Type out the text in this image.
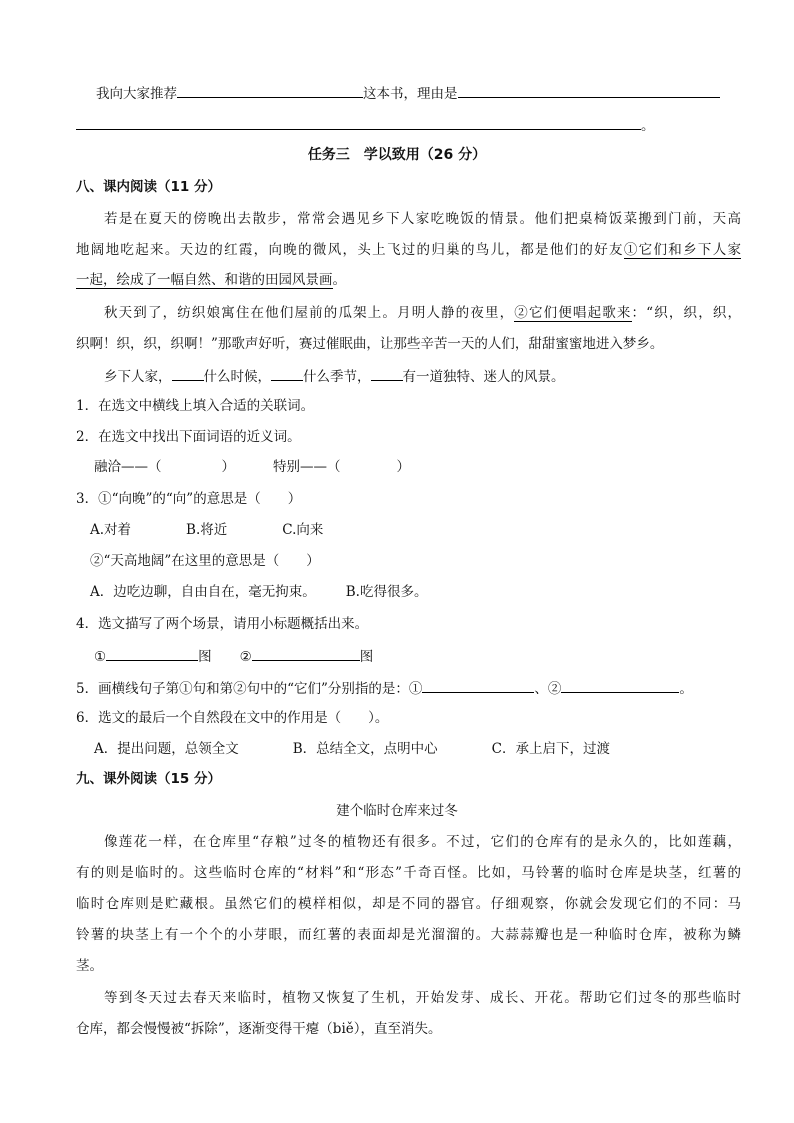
我向大家推荐	这本书，理由是
。
任务三　学以致用（26 分）
八、课内阅读（11 分）
若是在夏天的傍晚出去散步，常常会遇见乡下人家吃晚饭的情景。他们把桌椅饭菜搬到门前，天高
地阔地吃起来。天边的红霞，向晚的微风，头上飞过的归巢的鸟儿，都是他们的好友①它们和乡下人家
一起，绘成了一幅自然、和谐的田园风景画。
秋天到了，纺织娘寓住在他们屋前的瓜架上。月明人静的夜里，②它们便唱起歌来：“织，织，织，
织啊！织，织，织啊！”那歌声好听，赛过催眠曲，让那些辛苦一天的人们，甜甜蜜蜜地进入梦乡。
乡下人家， 什么时候， 什么季节， 有一道独特、迷人的风景。
1．在选文中横线上填入合适的关联词。
2．在选文中找出下面词语的近义词。
融洽——（	）	特别——（	）
3．①“向晚”的“向”的意思是（　　）
A.对着	B.将近	C.向来
②“天高地阔”在这里的意思是（　　）
A．边吃边聊，自由自在，毫无拘束。 B.吃得很多。
4．选文描写了两个场景，请用小标题概括出来。
①	图 ②	图
5．画横线句子第①句和第②句中的“它们”分别指的是：①	、②	。
6．选文的最后一个自然段在文中的作用是（　　）。
A．提出问题，总领全文	B．总结全文，点明中心	C．承上启下，过渡
九、课外阅读（15 分）
建个临时仓库来过冬
像莲花一样，在仓库里“存粮”过冬的植物还有很多。不过，它们的仓库有的是永久的，比如莲藕，
有的则是临时的。这些临时仓库的“材料”和“形态”千奇百怪。比如，马铃薯的临时仓库是块茎，红薯的
临时仓库则是贮藏根。虽然它们的模样相似，却是不同的器官。仔细观察，你就会发现它们的不同：马
铃薯的块茎上有一个个的小芽眼，而红薯的表面却是光溜溜的。大蒜蒜瓣也是一种临时仓库，被称为鳞
茎。
等到冬天过去春天来临时，植物又恢复了生机，开始发芽、成长、开花。帮助它们过冬的那些临时
仓库，都会慢慢被“拆除”，逐渐变得干瘪（biě），直至消失。
